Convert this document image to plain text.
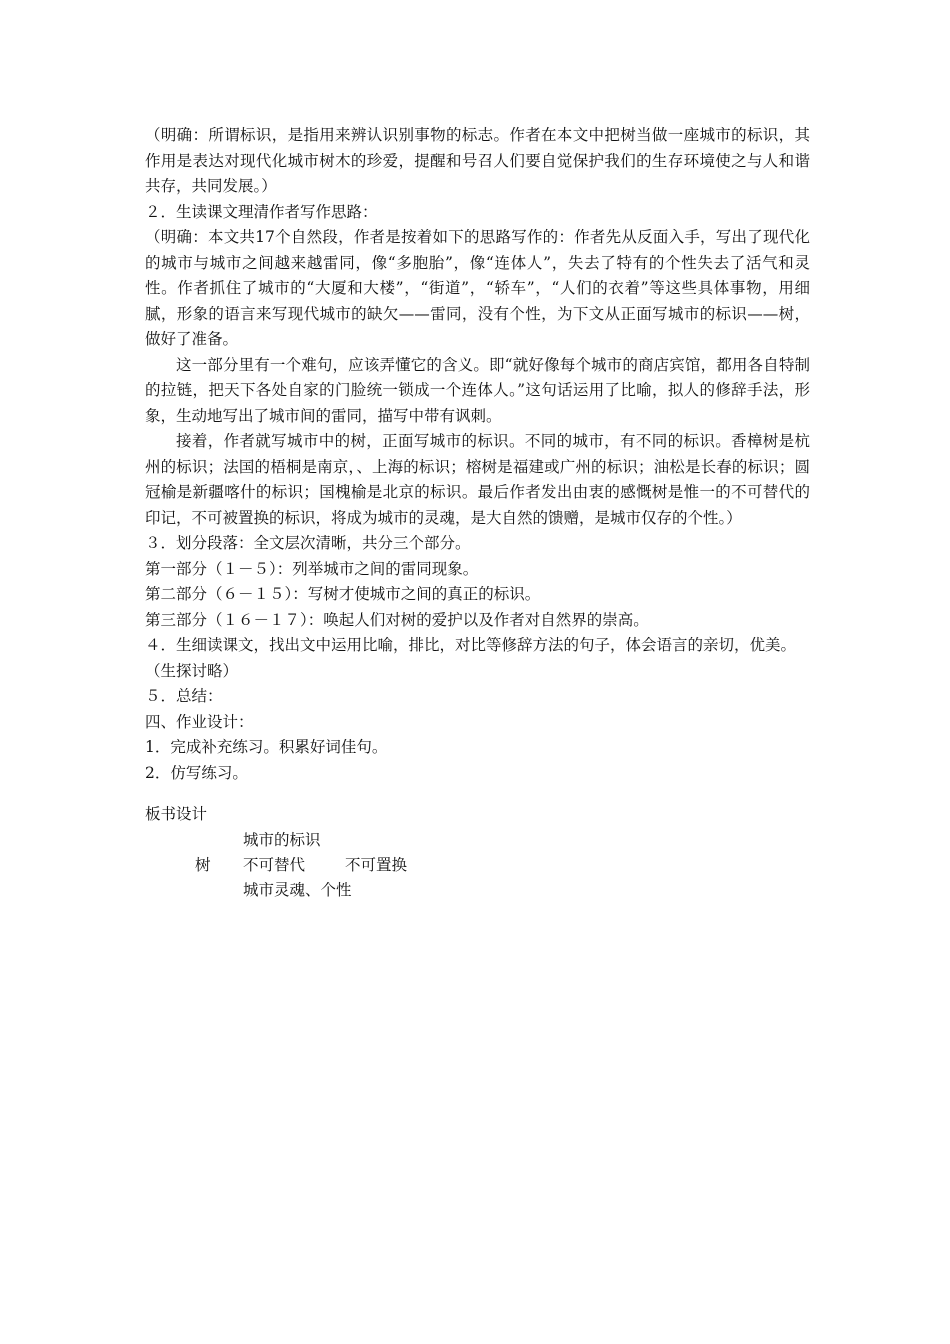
（明确：所谓标识，是指用来辨认识别事物的标志。作者在本文中把树当做一座城市的标识，其作用是表达对现代化城市树木的珍爱，提醒和号召人们要自觉保护我们的生存环境使之与人和谐共存，共同发展。）

２．生读课文理清作者写作思路：

（明确：本文共17个自然段，作者是按着如下的思路写作的：作者先从反面入手，写出了现代化的城市与城市之间越来越雷同，像“多胞胎”，像“连体人”，失去了特有的个性失去了活气和灵性。作者抓住了城市的“大厦和大楼”，“街道”，“轿车”，“人们的衣着”等这些具体事物，用细腻，形象的语言来写现代城市的缺欠——雷同，没有个性，为下文从正面写城市的标识——树，做好了准备。

这一部分里有一个难句，应该弄懂它的含义。即“就好像每个城市的商店宾馆，都用各自特制的拉链，把天下各处自家的门脸统一锁成一个连体人。”这句话运用了比喻，拟人的修辞手法，形象，生动地写出了城市间的雷同，描写中带有讽刺。

接着，作者就写城市中的树，正面写城市的标识。不同的城市，有不同的标识。香樟树是杭州的标识；法国的梧桐是南京，、上海的标识；榕树是福建或广州的标识；油松是长春的标识；圆冠榆是新疆喀什的标识；国槐榆是北京的标识。最后作者发出由衷的感慨树是惟一的不可替代的印记，不可被置换的标识，将成为城市的灵魂，是大自然的馈赠，是城市仅存的个性。）

３．划分段落：全文层次清晰，共分三个部分。

第一部分（１－５）：列举城市之间的雷同现象。

第二部分（６－１５）：写树才使城市之间的真正的标识。

第三部分（１６－１７）：唤起人们对树的爱护以及作者对自然界的崇高。

４．生细读课文，找出文中运用比喻，排比，对比等修辞方法的句子，体会语言的亲切，优美。

（生探讨略）

５．总结：

四、作业设计：

1．完成补充练习。积累好词佳句。

2．仿写练习。

板书设计

城市的标识
树 不可替代	不可置换
城市灵魂、个性
